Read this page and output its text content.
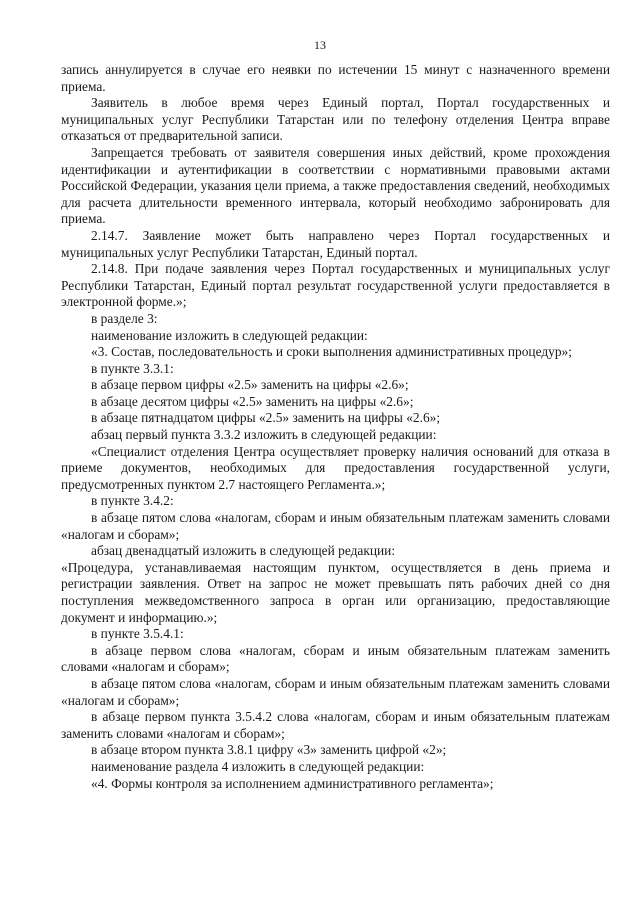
13

запись аннулируется в случае его неявки по истечении 15 минут с назначенного времени приема.

Заявитель в любое время через Единый портал, Портал государственных и муниципальных услуг Республики Татарстан или по телефону отделения Центра вправе отказаться от предварительной записи.

Запрещается требовать от заявителя совершения иных действий, кроме прохождения идентификации и аутентификации в соответствии с нормативными правовыми актами Российской Федерации, указания цели приема, а также предоставления сведений, необходимых для расчета длительности временного интервала, который необходимо забронировать для приема.

2.14.7. Заявление может быть направлено через Портал государственных и муниципальных услуг Республики Татарстан, Единый портал.

2.14.8. При подаче заявления через Портал государственных и муниципальных услуг Республики Татарстан, Единый портал результат государственной услуги предоставляется в электронной форме.»;

в разделе 3:

наименование изложить в следующей редакции:

«3. Состав, последовательность и сроки выполнения административных процедур»;

в пункте 3.3.1:

в абзаце первом цифры «2.5» заменить на цифры «2.6»;

в абзаце десятом цифры «2.5» заменить на цифры «2.6»;

в абзаце пятнадцатом цифры «2.5» заменить на цифры «2.6»;

абзац первый пункта 3.3.2 изложить в следующей редакции:

«Специалист отделения Центра осуществляет проверку наличия оснований для отказа в приеме документов, необходимых для предоставления государственной услуги, предусмотренных пунктом 2.7 настоящего Регламента.»;

в пункте 3.4.2:

в абзаце пятом слова «налогам, сборам и иным обязательным платежам заменить словами «налогам и сборам»;

абзац двенадцатый изложить в следующей редакции:

«Процедура, устанавливаемая настоящим пунктом, осуществляется в день приема и регистрации заявления. Ответ на запрос не может превышать пять рабочих дней со дня поступления межведомственного запроса в орган или организацию, предоставляющие документ и информацию.»;

в пункте 3.5.4.1:

в абзаце первом слова «налогам, сборам и иным обязательным платежам заменить словами «налогам и сборам»;

в абзаце пятом слова «налогам, сборам и иным обязательным платежам заменить словами «налогам и сборам»;

в абзаце первом пункта 3.5.4.2 слова «налогам, сборам и иным обязательным платежам заменить словами «налогам и сборам»;

в абзаце втором пункта 3.8.1 цифру «3» заменить цифрой «2»;

наименование раздела 4 изложить в следующей редакции:

«4. Формы контроля за исполнением административного регламента»;
